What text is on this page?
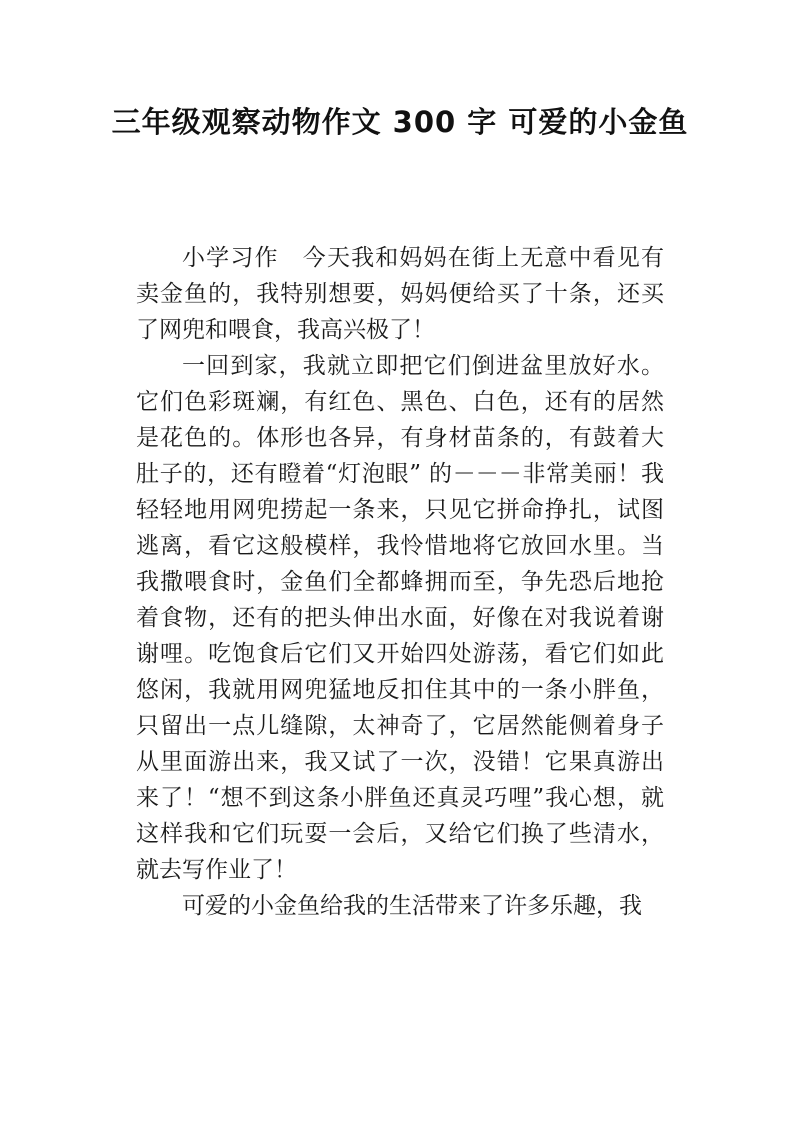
三年级观察动物作文 300 字 可爱的小金鱼

小学习作　今天我和妈妈在街上无意中看见有卖金鱼的，我特别想要，妈妈便给买了十条，还买了网兜和喂食，我高兴极了！

一回到家，我就立即把它们倒进盆里放好水。它们色彩斑斓，有红色、黑色、白色，还有的居然是花色的。体形也各异，有身材苗条的，有鼓着大肚子的，还有瞪着“灯泡眼” 的－－－非常美丽！我轻轻地用网兜捞起一条来，只见它拼命挣扎，试图逃离，看它这般模样，我怜惜地将它放回水里。当我撒喂食时，金鱼们全都蜂拥而至，争先恐后地抢着食物，还有的把头伸出水面，好像在对我说着谢谢哩。吃饱食后它们又开始四处游荡，看它们如此悠闲，我就用网兜猛地反扣住其中的一条小胖鱼，只留出一点儿缝隙，太神奇了，它居然能侧着身子从里面游出来，我又试了一次，没错！它果真游出来了！“想不到这条小胖鱼还真灵巧哩”我心想，就这样我和它们玩耍一会后，又给它们换了些清水，就去写作业了！

可爱的小金鱼给我的生活带来了许多乐趣，我
